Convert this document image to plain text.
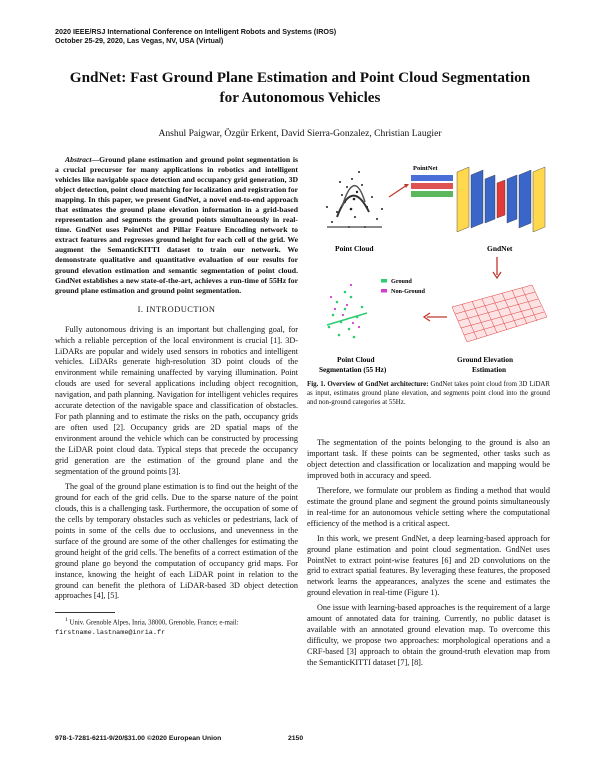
2020 IEEE/RSJ International Conference on Intelligent Robots and Systems (IROS)
October 25-29, 2020, Las Vegas, NV, USA (Virtual)
GndNet: Fast Ground Plane Estimation and Point Cloud Segmentation
for Autonomous Vehicles
Anshul Paigwar, Özgür Erkent, David Sierra-Gonzalez, Christian Laugier

Abstract—Ground plane estimation and ground point segmentation is a crucial precursor for many applications in robotics and intelligent vehicles like navigable space detection and occupancy grid generation, 3D object detection, point cloud matching for localization and registration for mapping. In this paper, we present GndNet, a novel end-to-end approach that estimates the ground plane elevation information in a grid-based representation and segments the ground points simultaneously in real-time. GndNet uses PointNet and Pillar Feature Encoding network to extract features and regresses ground height for each cell of the grid. We augment the SemanticKITTI dataset to train our network. We demonstrate qualitative and quantitative evaluation of our results for ground elevation estimation and semantic segmentation of point cloud. GndNet establishes a new state-of-the-art, achieves a run-time of 55Hz for ground plane estimation and ground point segmentation.

I. INTRODUCTION

Fully autonomous driving is an important but challenging goal, for which a reliable perception of the local environment is crucial [1]. 3D-LiDARs are popular and widely used sensors in robotics and intelligent vehicles. LiDARs generate high-resolution 3D point clouds of the environment while remaining unaffected by varying illumination. Point clouds are used for several applications including object recognition, navigation, and path planning. Navigation for intelligent vehicles requires accurate detection of the navigable space and classification of obstacles. For path planning and to estimate the risks on the path, occupancy grids are often used [2]. Occupancy grids are 2D spatial maps of the environment around the vehicle which can be constructed by processing the LiDAR point cloud data. Typical steps that precede the occupancy grid generation are the estimation of the ground plane and the segmentation of the ground points [3].

The goal of the ground plane estimation is to find out the height of the ground for each of the grid cells. Due to the sparse nature of the point clouds, this is a challenging task. Furthermore, the occupation of some of the cells by temporary obstacles such as vehicles or pedestrians, lack of points in some of the cells due to occlusions, and unevenness in the surface of the ground are some of the other challenges for estimating the ground height of the grid cells. The benefits of a correct estimation of the ground plane go beyond the computation of occupancy grid maps. For instance, knowing the height of each LiDAR point in relation to the ground can benefit the plethora of LiDAR-based 3D object detection approaches [4], [5].

$^1$ Univ. Grenoble Alpes, Inria, 38000, Grenoble, France; e-mail:
firstname.lastname@inria.fr

Point Cloud
PointNet
GndNet
Ground
Non-Ground
Point Cloud
Segmentation (55 Hz)
Ground Elevation
Estimation
Fig. 1. Overview of GndNet architecture: GndNet takes point cloud from 3D LiDAR as input, estimates ground plane elevation, and segments point cloud into the ground and non-ground categories at 55Hz.

The segmentation of the points belonging to the ground is also an important task. If these points can be segmented, other tasks such as object detection and classification or localization and mapping would be improved both in accuracy and speed.

Therefore, we formulate our problem as finding a method that would estimate the ground plane and segment the ground points simultaneously in real-time for an autonomous vehicle setting where the computational efficiency of the method is a critical aspect.

In this work, we present GndNet, a deep learning-based approach for ground plane estimation and point cloud segmentation. GndNet uses PointNet to extract point-wise features [6] and 2D convolutions on the grid to extract spatial features. By leveraging these features, the proposed network learns the appearances, analyzes the scene and estimates the ground elevation in real-time (Figure 1).

One issue with learning-based approaches is the requirement of a large amount of annotated data for training. Currently, no public dataset is available with an annotated ground elevation map. To overcome this difficulty, we propose two approaches: morphological operations and a CRF-based [3] approach to obtain the ground-truth elevation map from the SemanticKITTI dataset [7], [8].

978-1-7281-6211-9/20/$31.00 ©2020 European Union	2150
